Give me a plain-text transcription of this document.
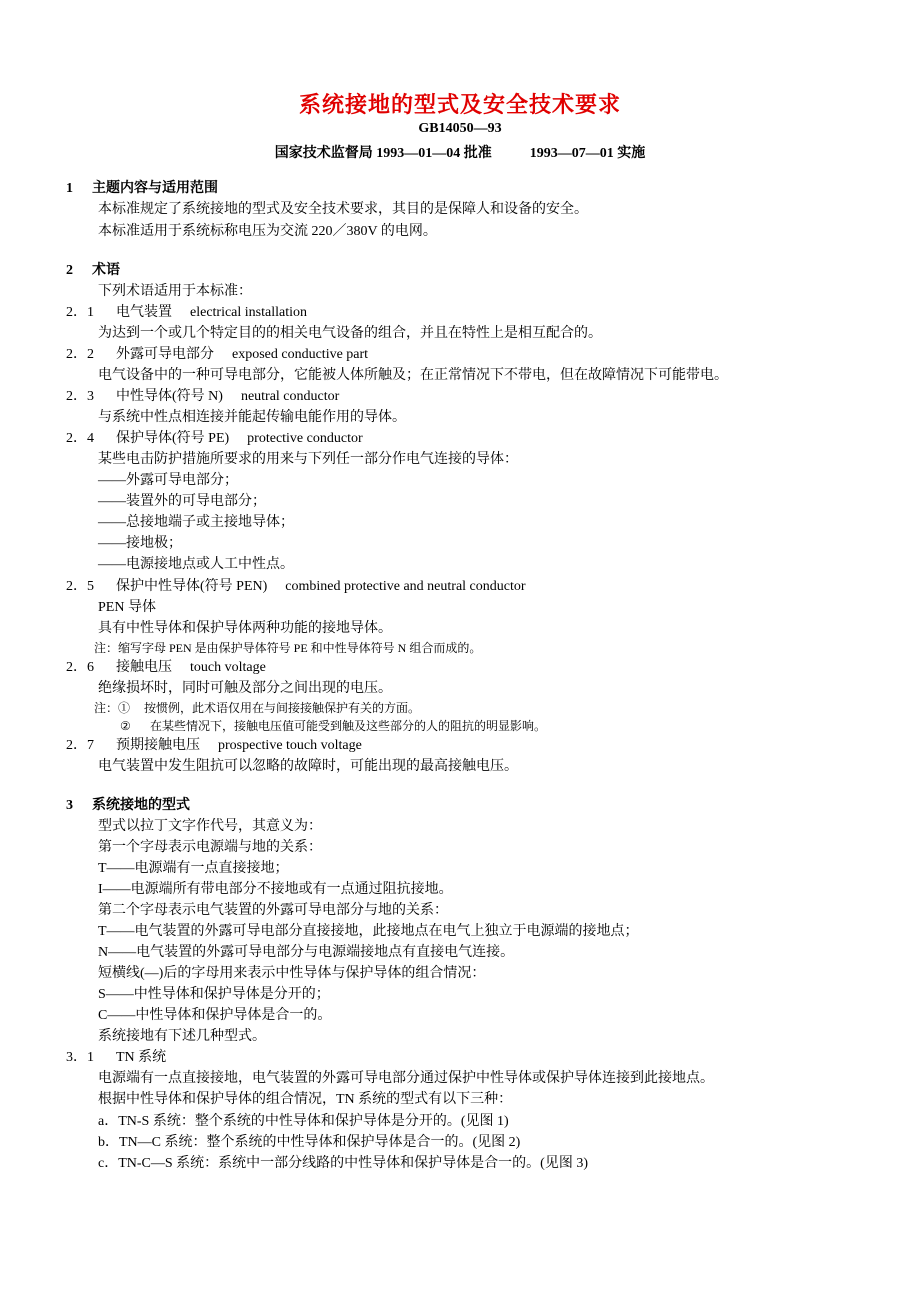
系统接地的型式及安全技术要求
GB14050—93
国家技术监督局 1993—01—04 批准	1993—07—01 实施
1 主题内容与适用范围
本标准规定了系统接地的型式及安全技术要求，其目的是保障人和设备的安全。
本标准适用于系统标称电压为交流 220／380V 的电网。
2 术语
下列术语适用于本标准：
2．1 电气装置 electrical installation
为达到一个或几个特定目的的相关电气设备的组合，并且在特性上是相互配合的。
2．2 外露可导电部分 exposed conductive part
电气设备中的一种可导电部分，它能被人体所触及；在正常情况下不带电，但在故障情况下可能带电。
2．3 中性导体(符号 N) neutral conductor
与系统中性点相连接并能起传输电能作用的导体。
2．4 保护导体(符号 PE) protective conductor
某些电击防护措施所要求的用来与下列任一部分作电气连接的导体：
——外露可导电部分；
——装置外的可导电部分；
——总接地端子或主接地导体；
——接地极；
——电源接地点或人工中性点。
2．5 保护中性导体(符号 PEN) combined protective and neutral conductor
PEN 导体
具有中性导体和保护导体两种功能的接地导体。
注：缩写字母 PEN 是由保护导体符号 PE 和中性导体符号 N 组合而成的。
2．6 接触电压 touch voltage
绝缘损坏时，同时可触及部分之间出现的电压。
注：① 按惯例，此术语仅用在与间接接触保护有关的方面。
② 在某些情况下，接触电压值可能受到触及这些部分的人的阻抗的明显影响。
2．7 预期接触电压 prospective touch voltage
电气装置中发生阻抗可以忽略的故障时，可能出现的最高接触电压。
3 系统接地的型式
型式以拉丁文字作代号，其意义为：
第一个字母表示电源端与地的关系：
T——电源端有一点直接接地；
I——电源端所有带电部分不接地或有一点通过阻抗接地。
第二个字母表示电气装置的外露可导电部分与地的关系：
T——电气装置的外露可导电部分直接接地，此接地点在电气上独立于电源端的接地点；
N——电气装置的外露可导电部分与电源端接地点有直接电气连接。
短横线(—)后的字母用来表示中性导体与保护导体的组合情况：
S——中性导体和保护导体是分开的；
C——中性导体和保护导体是合一的。
系统接地有下述几种型式。
3．1 TN 系统
电源端有一点直接接地，电气装置的外露可导电部分通过保护中性导体或保护导体连接到此接地点。
根据中性导体和保护导体的组合情况，TN 系统的型式有以下三种：
a．TN-S 系统：整个系统的中性导体和保护导体是分开的。(见图 1)
b．TN—C 系统：整个系统的中性导体和保护导体是合一的。(见图 2)
c．TN-C—S 系统：系统中一部分线路的中性导体和保护导体是合一的。(见图 3)
